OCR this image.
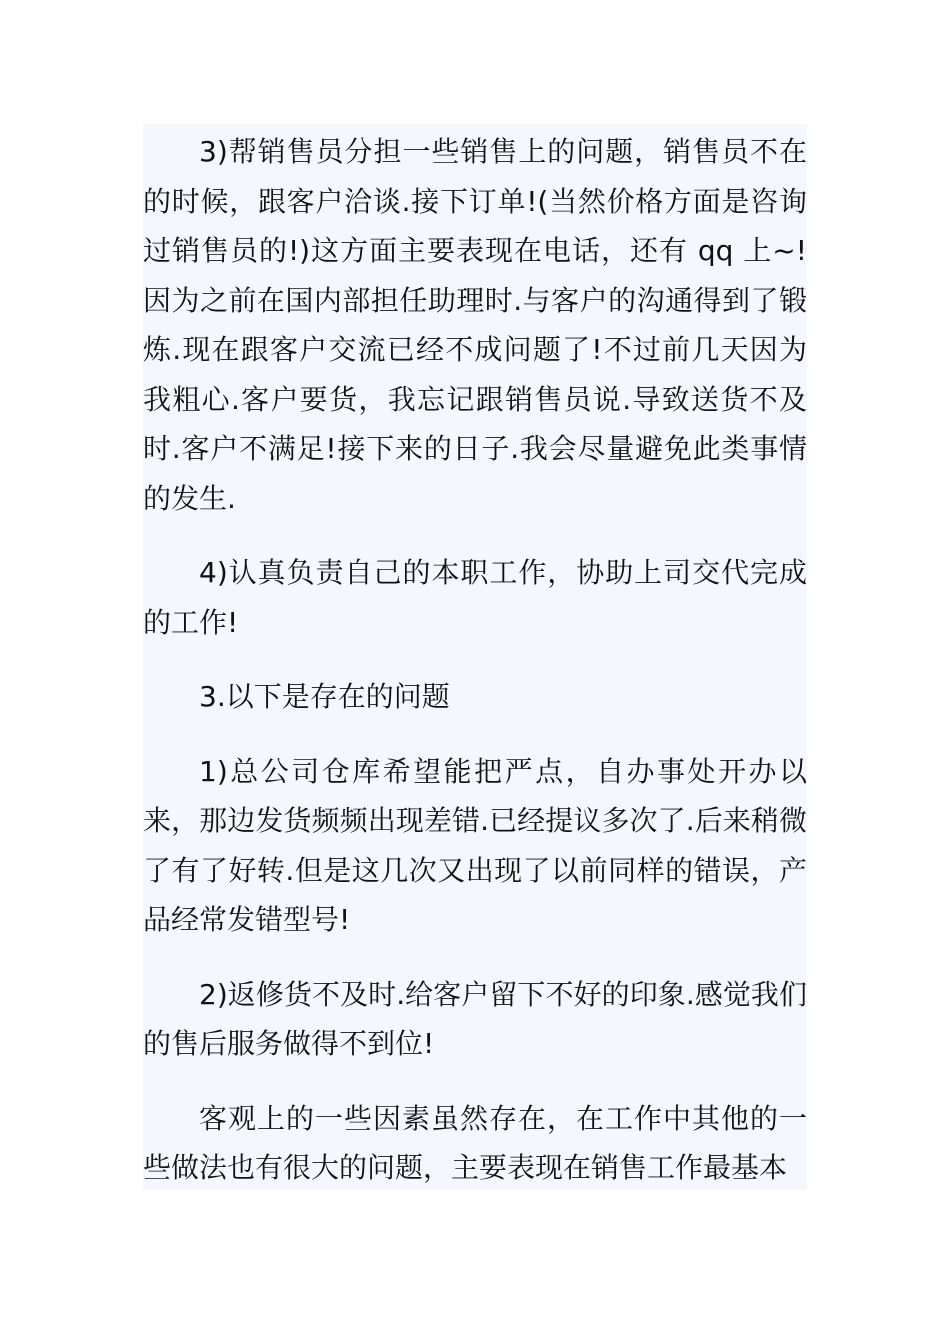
3)帮销售员分担一些销售上的问题，销售员不在的时候，跟客户洽谈.接下订单!(当然价格方面是咨询过销售员的!)这方面主要表现在电话，还有 qq 上~!因为之前在国内部担任助理时.与客户的沟通得到了锻炼.现在跟客户交流已经不成问题了!不过前几天因为我粗心.客户要货，我忘记跟销售员说.导致送货不及时.客户不满足!接下来的日子.我会尽量避免此类事情的发生.

4)认真负责自己的本职工作，协助上司交代完成的工作!

3.以下是存在的问题

1)总公司仓库希望能把严点，自办事处开办以来，那边发货频频出现差错.已经提议多次了.后来稍微了有了好转.但是这几次又出现了以前同样的错误，产品经常发错型号!

2)返修货不及时.给客户留下不好的印象.感觉我们的售后服务做得不到位!

客观上的一些因素虽然存在，在工作中其他的一些做法也有很大的问题，主要表现在销售工作最基本
